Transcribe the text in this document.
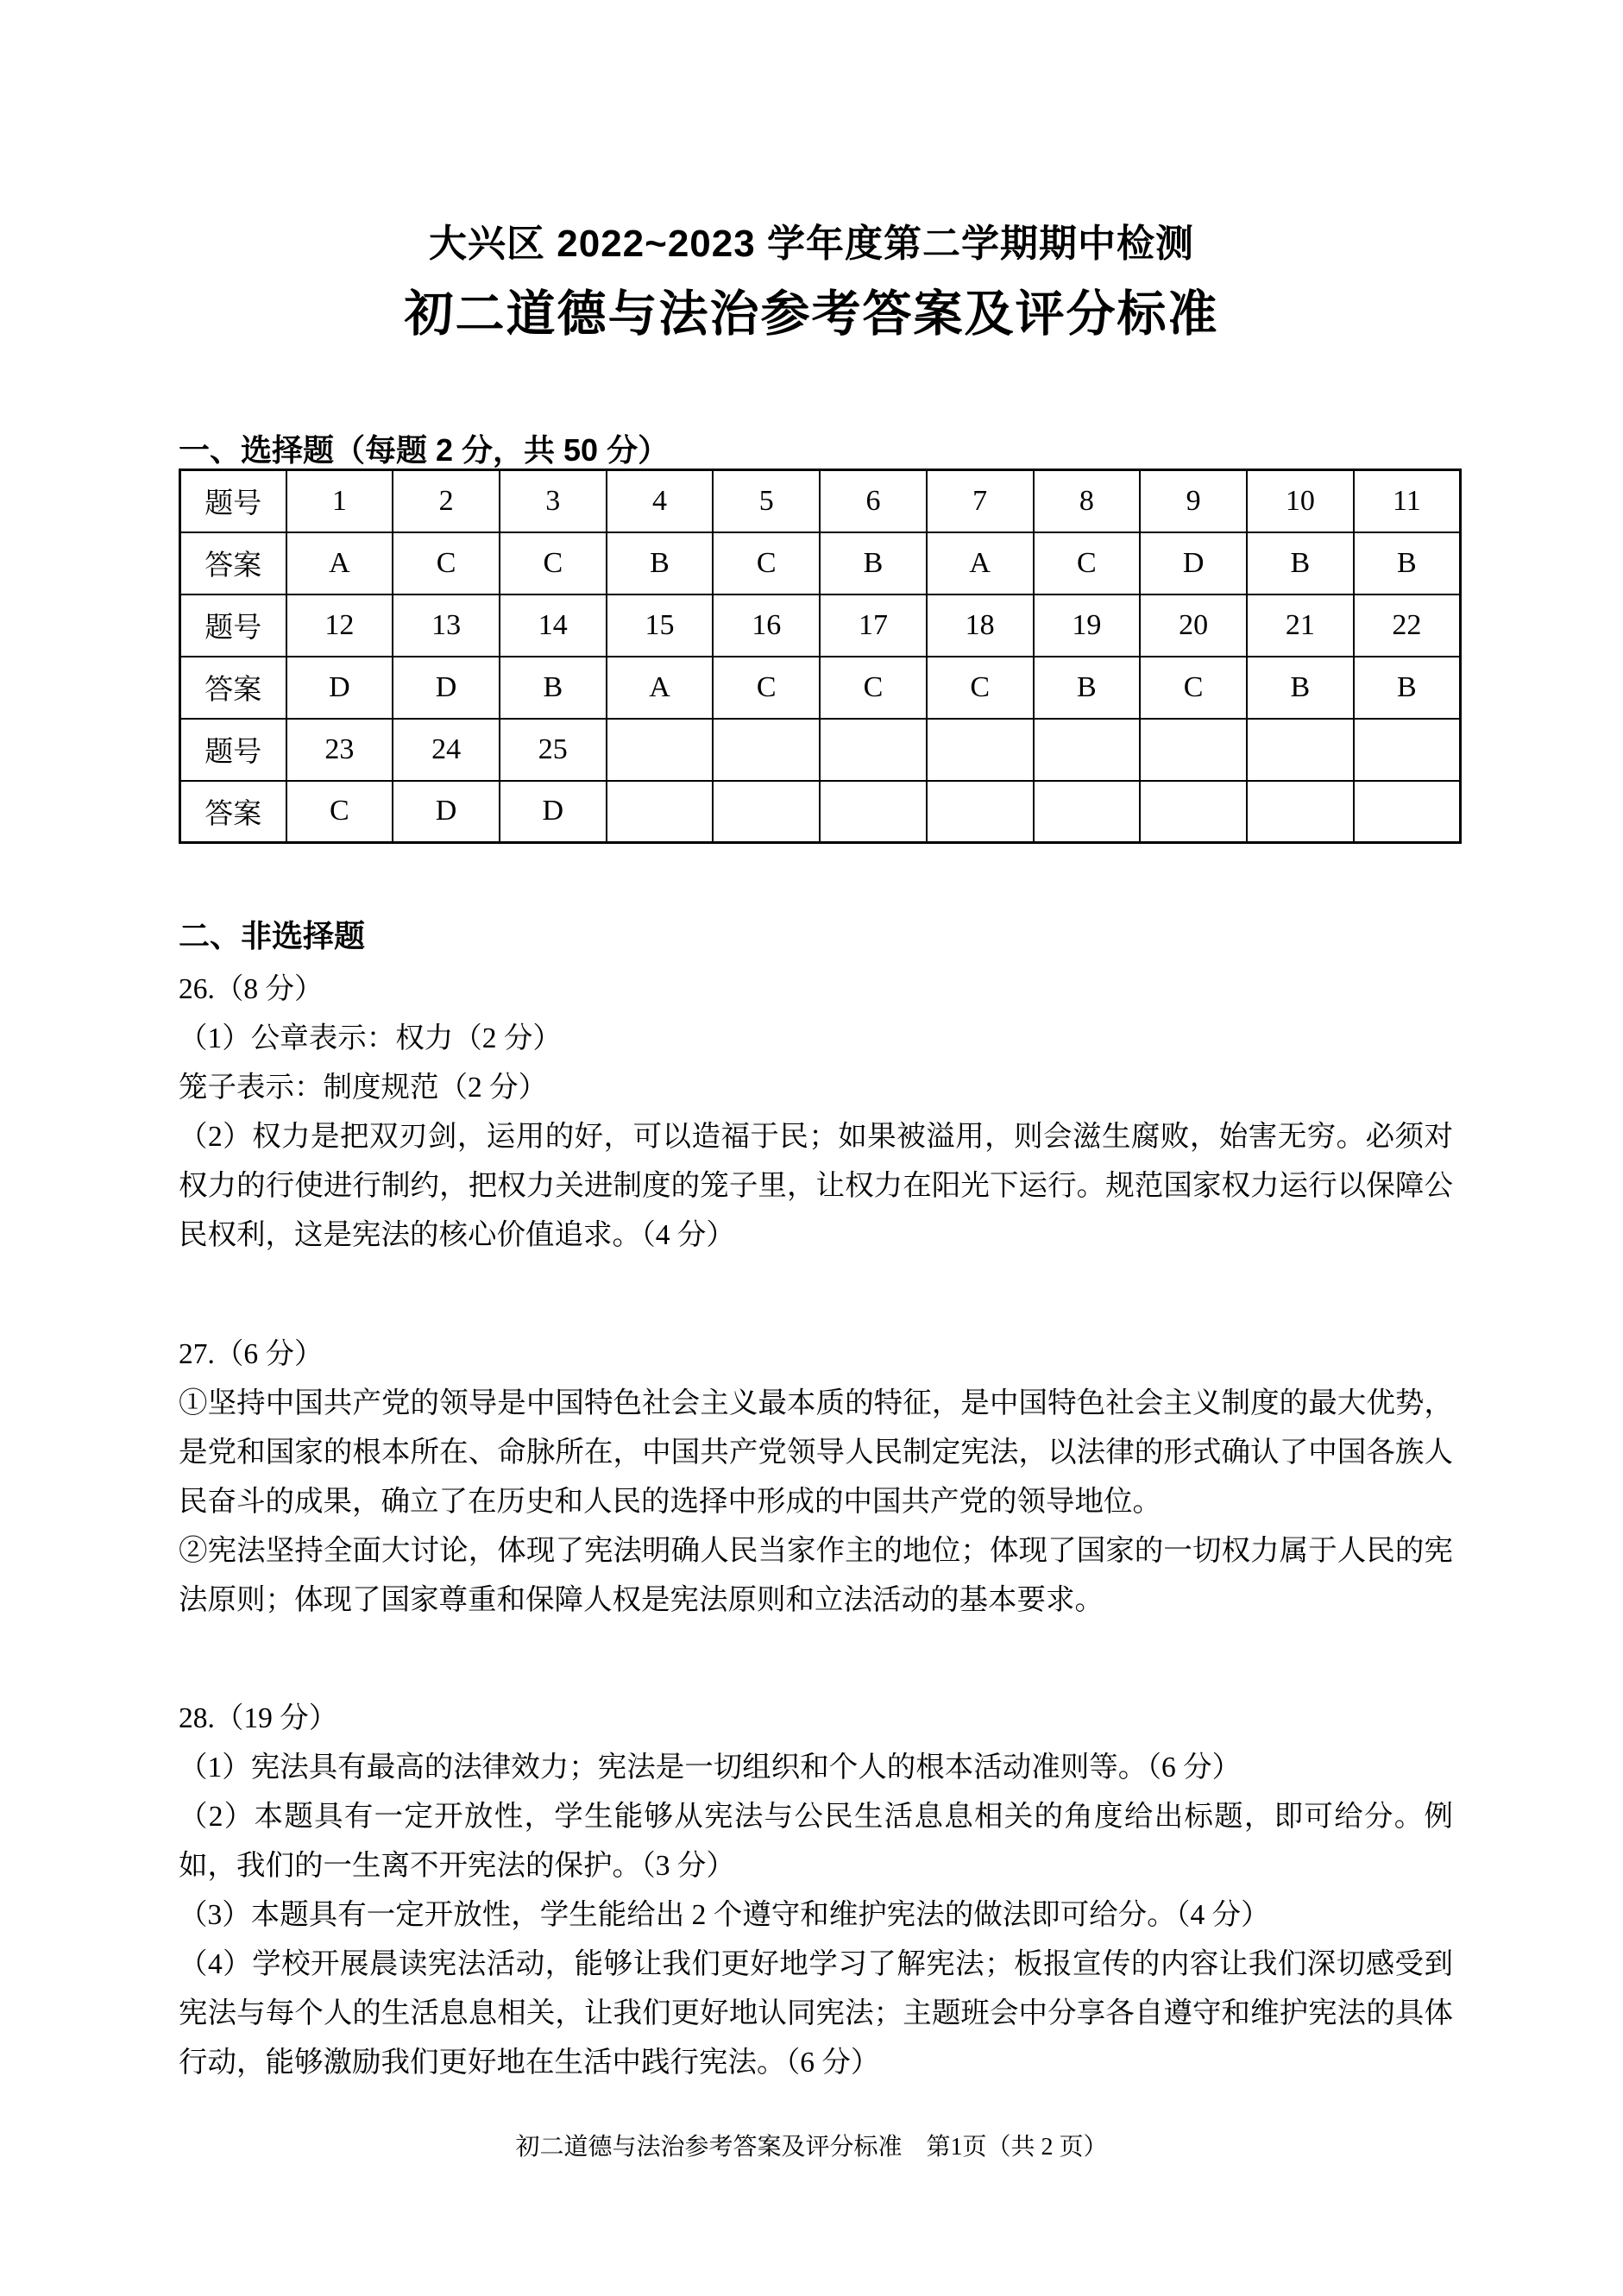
大兴区 2022~2023 学年度第二学期期中检测
初二道德与法治参考答案及评分标准
一、选择题（每题 2 分，共 50 分）
题号	1	2	3	4	5	6	7	8	9	10	11
答案	A	C	C	B	C	B	A	C	D	B	B
题号	12	13	14	15	16	17	18	19	20	21	22
答案	D	D	B	A	C	C	C	B	C	B	B
题号	23	24	25								
答案	C	D	D								
二、非选择题

26.（8 分）

（1）公章表示：权力（2 分）

笼子表示：制度规范（2 分）

（2）权力是把双刃剑，运用的好，可以造福于民；如果被溢用，则会滋生腐败，始害无穷。必须对权力的行使进行制约，把权力关进制度的笼子里，让权力在阳光下运行。规范国家权力运行以保障公民权利，这是宪法的核心价值追求。（4 分）

27.（6 分）

①坚持中国共产党的领导是中国特色社会主义最本质的特征，是中国特色社会主义制度的最大优势，是党和国家的根本所在、命脉所在，中国共产党领导人民制定宪法，以法律的形式确认了中国各族人民奋斗的成果，确立了在历史和人民的选择中形成的中国共产党的领导地位。

②宪法坚持全面大讨论，体现了宪法明确人民当家作主的地位；体现了国家的一切权力属于人民的宪法原则；体现了国家尊重和保障人权是宪法原则和立法活动的基本要求。

28.（19 分）

（1）宪法具有最高的法律效力；宪法是一切组织和个人的根本活动准则等。（6 分）

（2）本题具有一定开放性，学生能够从宪法与公民生活息息相关的角度给出标题，即可给分。例如，我们的一生离不开宪法的保护。（3 分）

（3）本题具有一定开放性，学生能给出 2 个遵守和维护宪法的做法即可给分。（4 分）

（4）学校开展晨读宪法活动，能够让我们更好地学习了解宪法；板报宣传的内容让我们深切感受到宪法与每个人的生活息息相关，让我们更好地认同宪法；主题班会中分享各自遵守和维护宪法的具体行动，能够激励我们更好地在生活中践行宪法。（6 分）

初二道德与法治参考答案及评分标准　第1页（共 2 页）
